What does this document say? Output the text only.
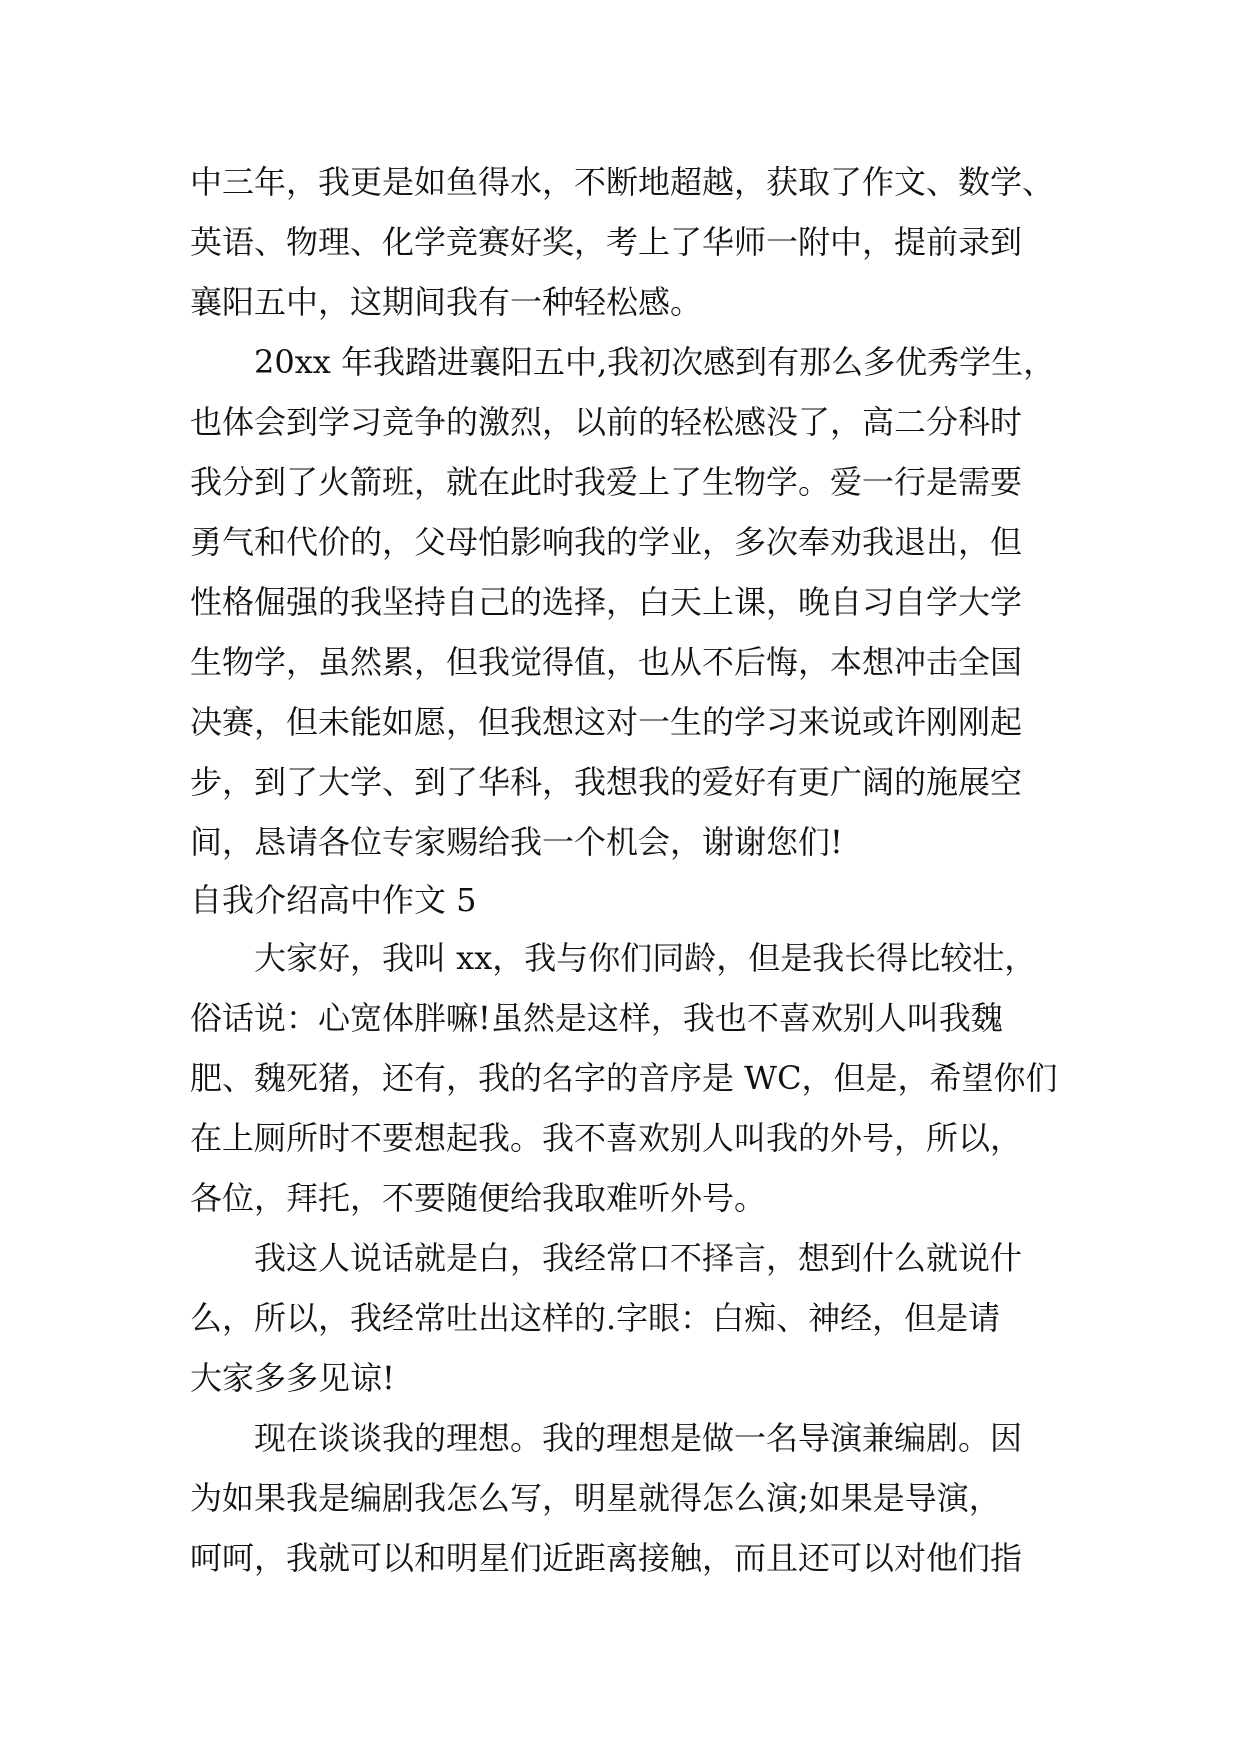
中三年，我更是如鱼得水，不断地超越，获取了作文、数学、
英语、物理、化学竞赛好奖，考上了华师一附中，提前录到
襄阳五中，这期间我有一种轻松感。
20xx 年我踏进襄阳五中,我初次感到有那么多优秀学生，
也体会到学习竞争的激烈，以前的轻松感没了，高二分科时
我分到了火箭班，就在此时我爱上了生物学。爱一行是需要
勇气和代价的，父母怕影响我的学业，多次奉劝我退出，但
性格倔强的我坚持自己的选择，白天上课，晚自习自学大学
生物学，虽然累，但我觉得值，也从不后悔，本想冲击全国
决赛，但未能如愿，但我想这对一生的学习来说或许刚刚起
步，到了大学、到了华科，我想我的爱好有更广阔的施展空
间，恳请各位专家赐给我一个机会，谢谢您们!
自我介绍高中作文 5
大家好，我叫 xx，我与你们同龄，但是我长得比较壮，
俗话说：心宽体胖嘛!虽然是这样，我也不喜欢别人叫我魏
肥、魏死猪，还有，我的名字的音序是 WC，但是，希望你们
在上厕所时不要想起我。我不喜欢别人叫我的外号，所以，
各位，拜托，不要随便给我取难听外号。
我这人说话就是白，我经常口不择言，想到什么就说什
么，所以，我经常吐出这样的.字眼：白痴、神经，但是请
大家多多见谅!
现在谈谈我的理想。我的理想是做一名导演兼编剧。因
为如果我是编剧我怎么写，明星就得怎么演;如果是导演，
呵呵，我就可以和明星们近距离接触，而且还可以对他们指
